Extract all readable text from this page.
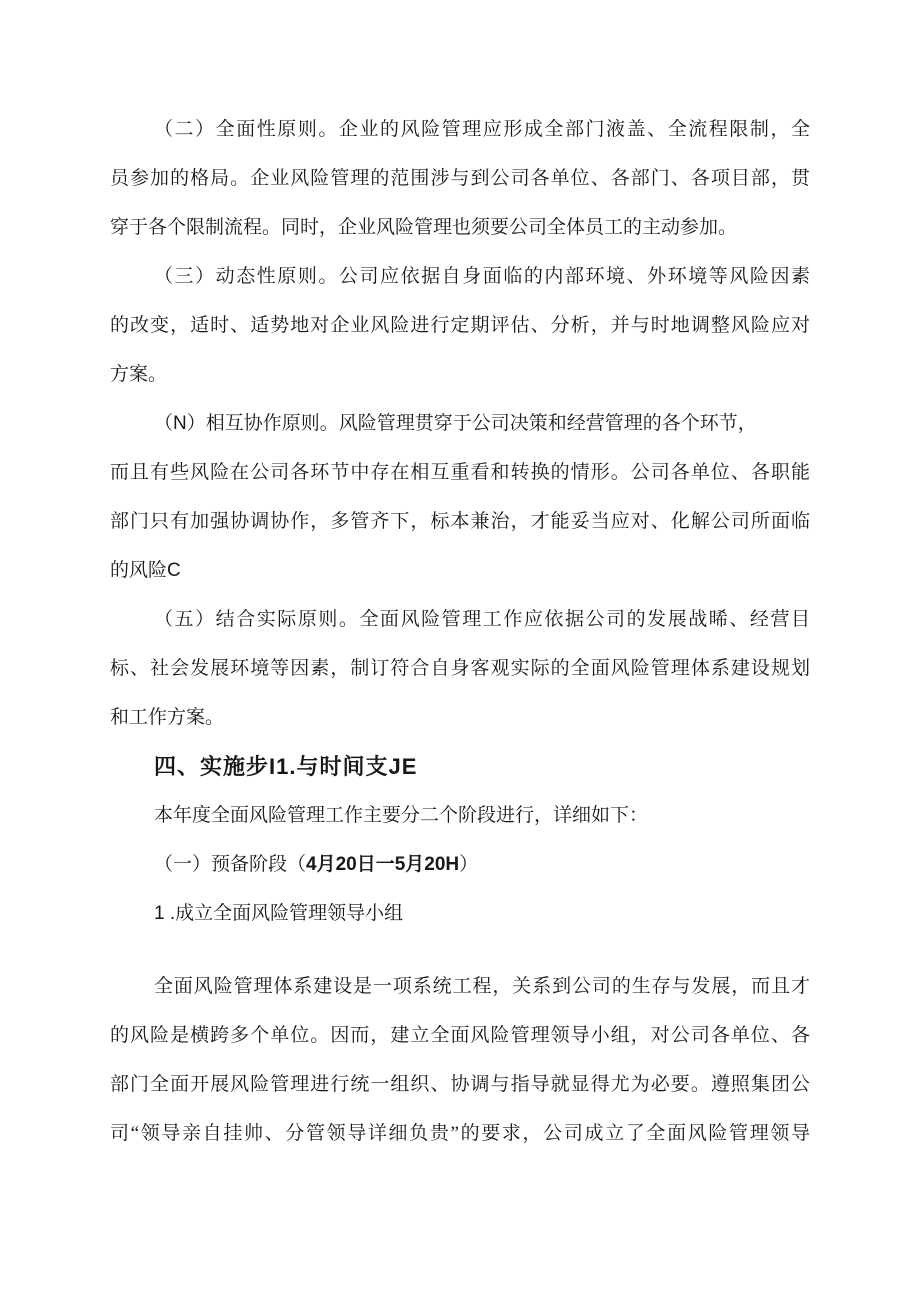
（二）全面性原则。企业的风险管理应形成全部门液盖、全流程限制，全
员参加的格局。企业风险管理的范围涉与到公司各单位、各部门、各项目部，贯
穿于各个限制流程。同时，企业风险管理也须要公司全体员工的主动参加。
（三）动态性原则。公司应依据自身面临的内部环境、外环境等风险因素
的改变，适时、适势地对企业风险进行定期评估、分析，并与时地调整风险应对
方案。
（N）相互协作原则。风险管理贯穿于公司决策和经营管理的各个环节，
而且有些风险在公司各环节中存在相互重看和转换的情形。公司各单位、各职能
部门只有加强协调协作，多管齐下，标本兼治，才能妥当应对、化解公司所面临
的风险C
（五）结合实际原则。全面风险管理工作应依据公司的发展战晞、经营目
标、社会发展环境等因素，制订符合自身客观实际的全面风险管理体系建设规划
和工作方案。
四、实施步I1.与时间支JE
本年度全面风险管理工作主要分二个阶段进行，详细如下：
（一）预备阶段（4月20日一5月20H）
1 .成立全面风险管理领导小组
全面风险管理体系建设是一项系统工程，关系到公司的生存与发展，而且才
的风险是横跨多个单位。因而，建立全面风险管理领导小组，对公司各单位、各
部门全面开展风险管理进行统一组织、协调与指导就显得尤为必要。遵照集团公
司“领导亲自挂帅、分管领导详细负贵”的要求，公司成立了全面风险管理领导
